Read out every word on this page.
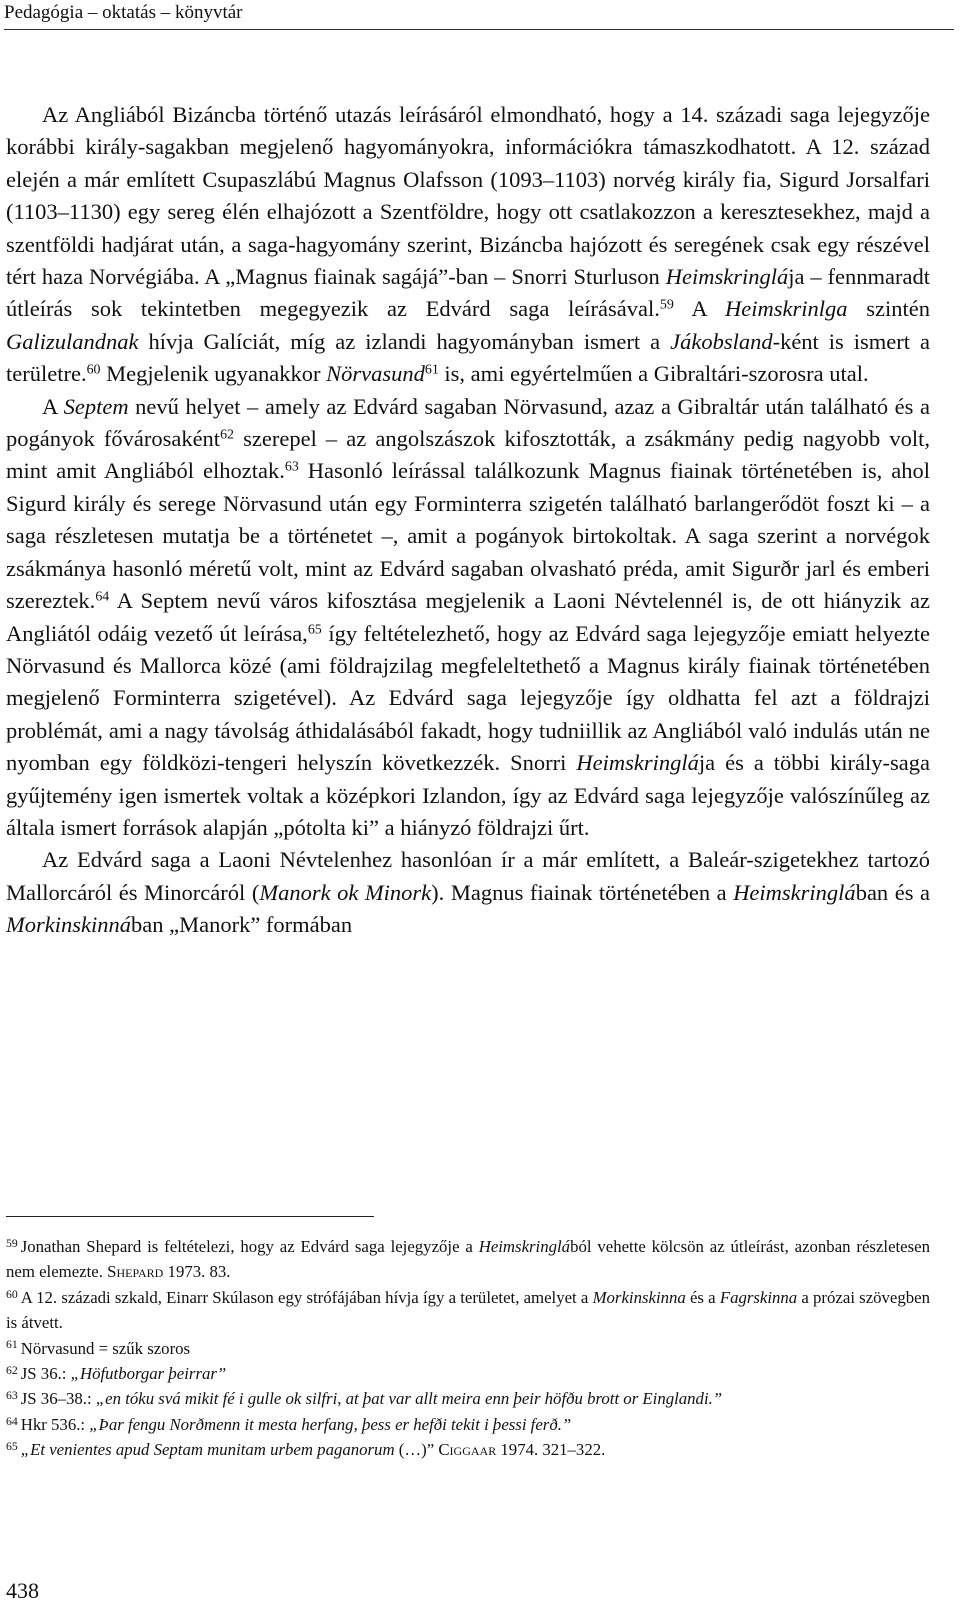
Pedagógia – oktatás – könyvtár

Az Angliából Bizáncba történő utazás leírásáról elmondható, hogy a 14. századi saga lejegyzője korábbi király-sagakban megjelenő hagyományokra, információkra támaszkodhatott. A 12. század elején a már említett Csupaszlábú Magnus Olafsson (1093–1103) norvég király fia, Sigurd Jorsalfari (1103–1130) egy sereg élén elhajózott a Szentföldre, hogy ott csatlakozzon a keresztesekhez, majd a szentföldi hadjárat után, a saga-hagyomány szerint, Bizáncba hajózott és seregének csak egy részével tért haza Norvégiába. A „Magnus fiainak sagájá”-ban – Snorri Sturluson Heimskringlája – fennmaradt útleírás sok tekintetben megegyezik az Edvárd saga leírásával.$^{59}$ A Heimskrinlga szintén Galizulandnak hívja Galíciát, míg az izlandi hagyományban ismert a Jákobsland-ként is ismert a területre.$^{60}$ Megjelenik ugyanakkor Nörvasund$^{61}$ is, ami egyértelműen a Gibraltári-szorosra utal.

A Septem nevű helyet – amely az Edvárd sagaban Nörvasund, azaz a Gibraltár után található és a pogányok fővárosaként$^{62}$ szerepel – az angolszászok kifosztották, a zsákmány pedig nagyobb volt, mint amit Angliából elhoztak.$^{63}$ Hasonló leírással találkozunk Magnus fiainak történetében is, ahol Sigurd király és serege Nörvasund után egy Forminterra szigetén található barlangerődöt foszt ki – a saga részletesen mutatja be a történetet –, amit a pogányok birtokoltak. A saga szerint a norvégok zsákmánya hasonló méretű volt, mint az Edvárd sagaban olvasható préda, amit Sigurðr jarl és emberi szereztek.$^{64}$ A Septem nevű város kifosztása megjelenik a Laoni Névtelennél is, de ott hiányzik az Angliától odáig vezető út leírása,$^{65}$ így feltételezhető, hogy az Edvárd saga lejegyzője emiatt helyezte Nörvasund és Mallorca közé (ami földrajzilag megfeleltethető a Magnus király fiainak történetében megjelenő Forminterra szigetével). Az Edvárd saga lejegyzője így oldhatta fel azt a földrajzi problémát, ami a nagy távolság áthidalásából fakadt, hogy tudniillik az Angliából való indulás után ne nyomban egy földközi-tengeri helyszín következzék. Snorri Heimskringlája és a többi király-saga gyűjtemény igen ismertek voltak a középkori Izlandon, így az Edvárd saga lejegyzője valószínűleg az általa ismert források alapján „pótolta ki” a hiányzó földrajzi űrt.

Az Edvárd saga a Laoni Névtelenhez hasonlóan ír a már említett, a Baleár-szigetekhez tartozó Mallorcáról és Minorcáról (Manork ok Minork). Magnus fiainak történetében a Heimskringlában és a Morkinskinnában „Manork” formában

$^{59}$ Jonathan Shepard is feltételezi, hogy az Edvárd saga lejegyzője a Heimskringlából vehette kölcsön az útleírást, azonban részletesen nem elemezte. Shepard 1973. 83.

$^{60}$ A 12. századi szkald, Einarr Skúlason egy strófájában hívja így a területet, amelyet a Morkinskinna és a Fagrskinna a prózai szövegben is átvett.

$^{61}$ Nörvasund = szűk szoros

$^{62}$ JS 36.: „Höfutborgar þeirrar”

$^{63}$ JS 36–38.: „en tóku svá mikit fé i gulle ok silfri, at þat var allt meira enn þeir höfðu brott or Einglandi.”

$^{64}$ Hkr 536.: „Þar fengu Norðmenn it mesta herfang, þess er hefði tekit i þessi ferð.”

$^{65}$ „Et venientes apud Septam munitam urbem paganorum (…)” Ciggaar 1974. 321–322.

438
